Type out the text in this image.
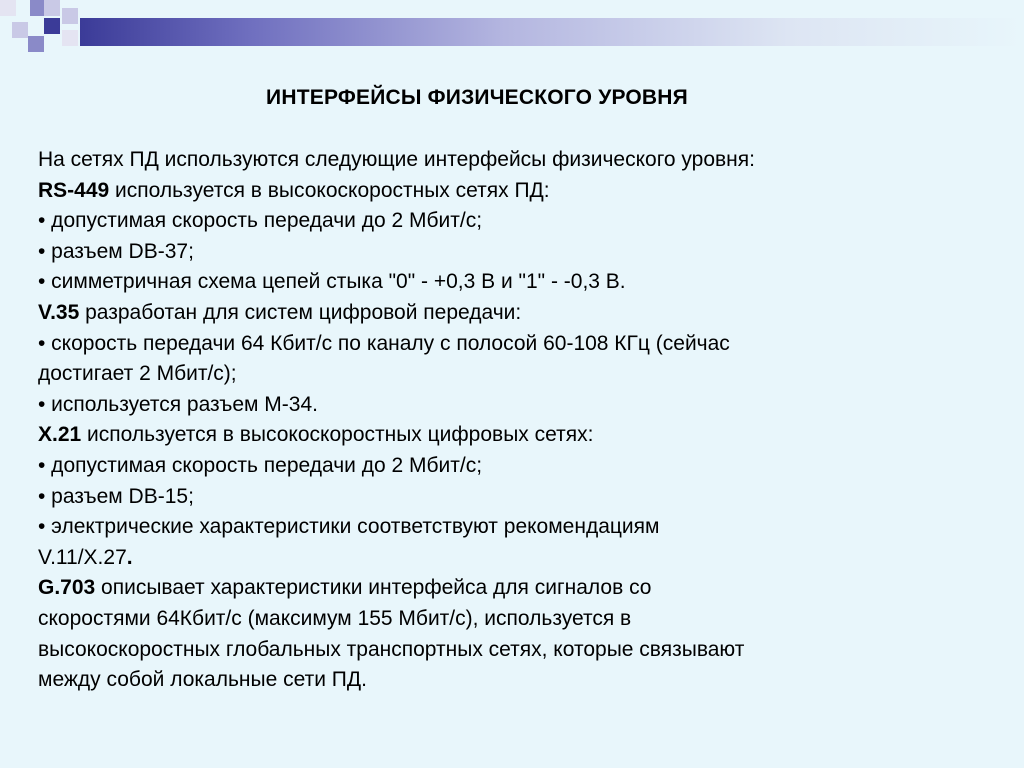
ИНТЕРФЕЙСЫ ФИЗИЧЕСКОГО УРОВНЯ

На сетях ПД используются следующие интерфейсы физического уровня:

RS-449 используется в высокоскоростных сетях ПД:

• допустимая скорость передачи до 2 Мбит/с;

• разъем DB-37;

• симметричная схема цепей стыка "0" - +0,3 В и "1" - -0,3 В.

V.35 разработан для систем цифровой передачи:

• скорость передачи 64 Кбит/с по каналу с полосой 60-108 КГц (сейчас

достигает 2 Мбит/с);

• используется разъем М-34.

X.21 используется в высокоскоростных цифровых сетях:

• допустимая скорость передачи до 2 Мбит/с;

• разъем DB-15;

• электрические характеристики соответствуют рекомендациям

V.11/X.27.

G.703 описывает характеристики интерфейса для сигналов со

скоростями 64Кбит/с (максимум 155 Мбит/с), используется в

высокоскоростных глобальных транспортных сетях, которые связывают

между собой локальные сети ПД.
